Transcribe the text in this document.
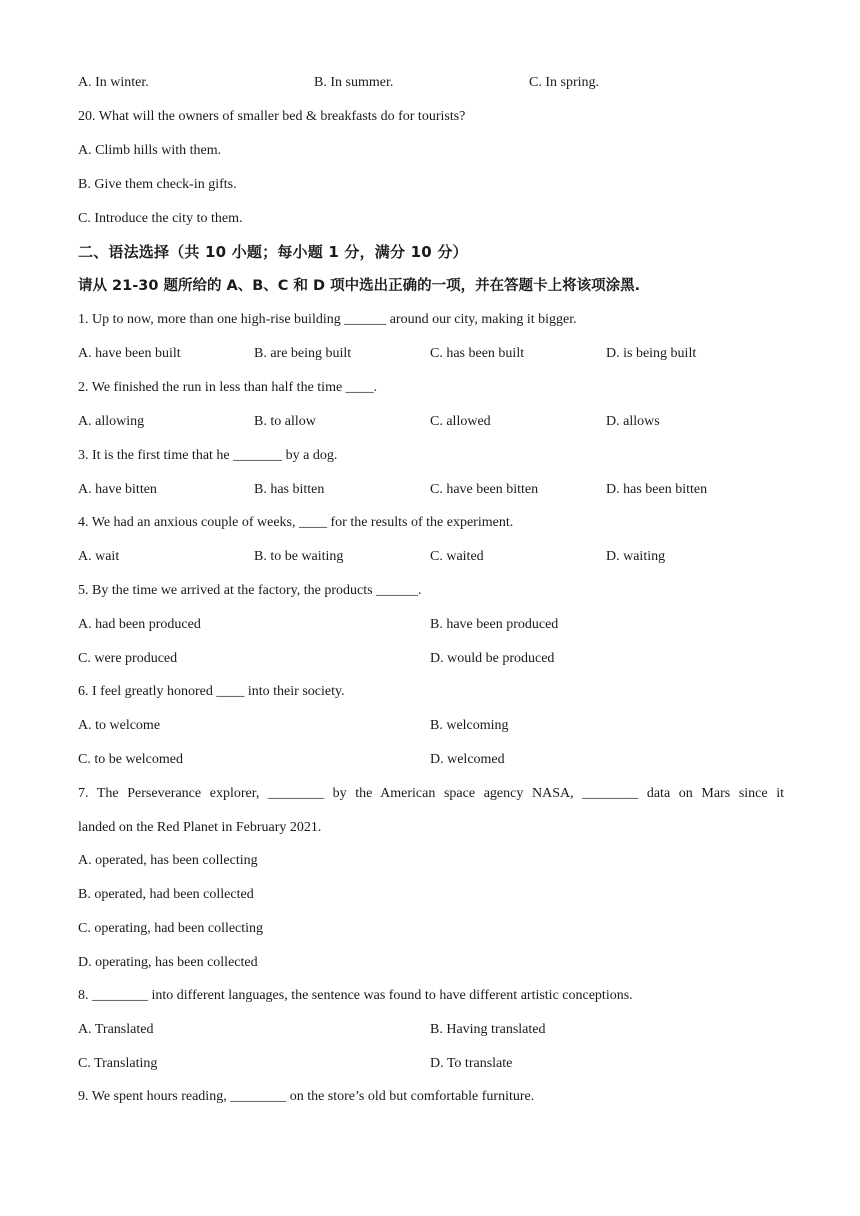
A. In winter.	B. In summer.	C. In spring.
20. What will the owners of smaller bed & breakfasts do for tourists?
A. Climb hills with them.
B. Give them check-in gifts.
C. Introduce the city to them.
二、语法选择（共 10 小题；每小题 1 分，满分 10 分）
请从 21-30 题所给的 A、B、C 和 D 项中选出正确的一项，并在答题卡上将该项涂黑.
1. Up to now, more than one high-rise building ______ around our city, making it bigger.
A. have been built	B. are being built	C. has been built	D. is being built
2. We finished the run in less than half the time ____.
A. allowing	B. to allow	C. allowed	D. allows
3. It is the first time that he _______ by a dog.
A. have bitten	B. has bitten	C. have been bitten	D. has been bitten
4. We had an anxious couple of weeks, ____ for the results of the experiment.
A. wait	B. to be waiting	C. waited	D. waiting
5. By the time we arrived at the factory, the products ______.
A. had been produced	B. have been produced
C. were produced	D. would be produced
6. I feel greatly honored ____ into their society.
A. to welcome	B. welcoming
C. to be welcomed	D. welcomed
7. The Perseverance explorer, ________ by the American space agency NASA, ________ data on Mars since it
landed on the Red Planet in February 2021.
A. operated, has been collecting
B. operated, had been collected
C. operating, had been collecting
D. operating, has been collected
8. ________ into different languages, the sentence was found to have different artistic conceptions.
A. Translated	B. Having translated
C. Translating	D. To translate
9. We spent hours reading, ________ on the store’s old but comfortable furniture.
